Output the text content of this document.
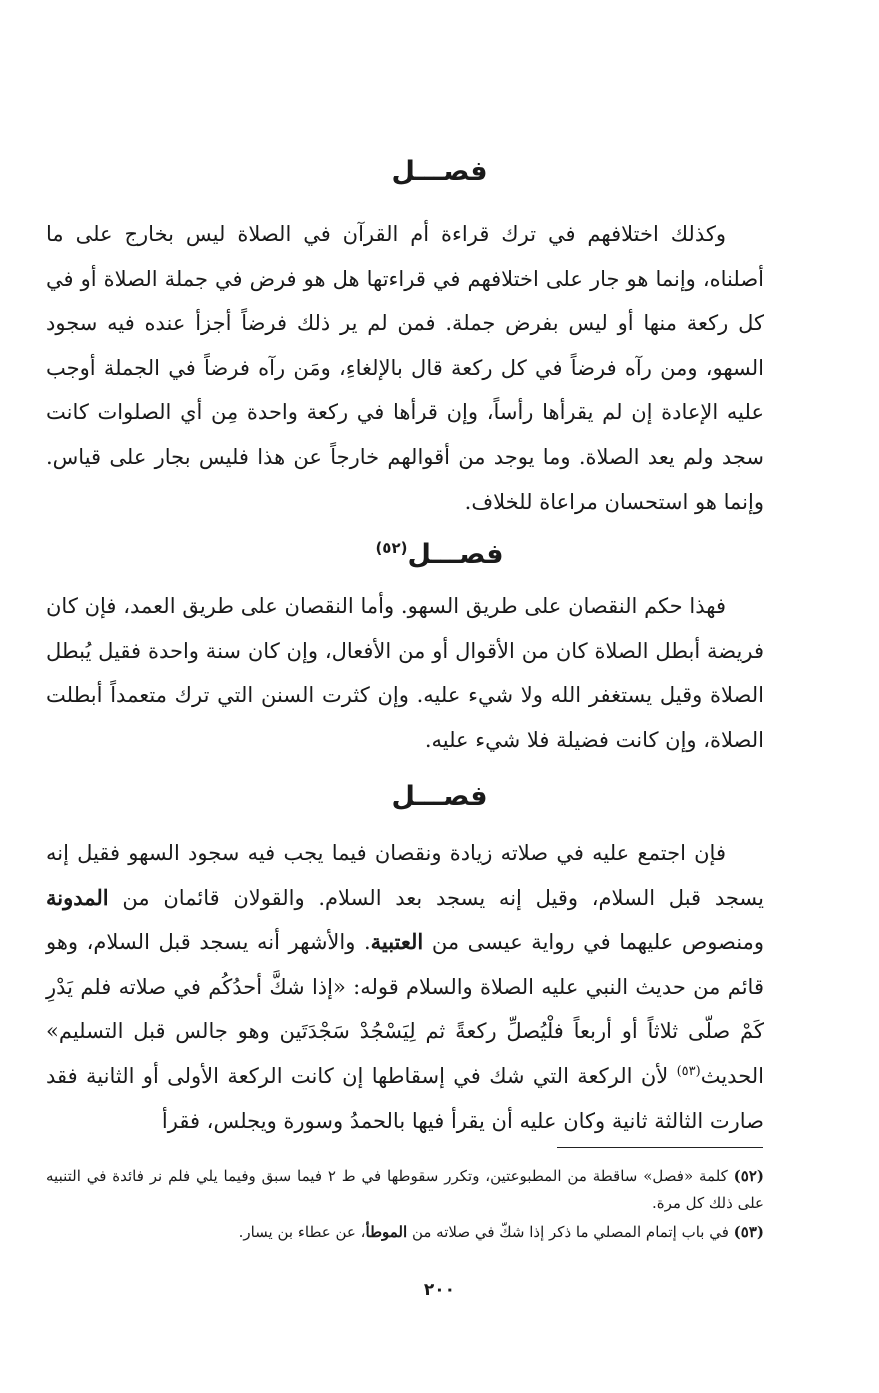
فصـــل

وكذلك اختلافهم في ترك قراءة أم القرآن في الصلاة ليس بخارج على ما أصلناه، وإنما هو جار على اختلافهم في قراءتها هل هو فرض في جملة الصلاة أو في كل ركعة منها أو ليس بفرض جملة. فمن لم ير ذلك فرضاً أجزأ عنده فيه سجود السهو، ومن رآه فرضاً في كل ركعة قال بالإلغاءِ، ومَن رآه فرضاً في الجملة أوجب عليه الإعادة إن لم يقرأها رأساً، وإن قرأها في ركعة واحدة مِن أي الصلوات كانت سجد ولم يعد الصلاة. وما يوجد من أقوالهم خارجاً عن هذا فليس بجار على قياس. وإنما هو استحسان مراعاة للخلاف.

فصـــل$^{(٥٢)}$

فهذا حكم النقصان على طريق السهو. وأما النقصان على طريق العمد، فإن كان فريضة أبطل الصلاة كان من الأقوال أو من الأفعال، وإن كان سنة واحدة فقيل يُبطل الصلاة وقيل يستغفر الله ولا شيء عليه. وإن كثرت السنن التي ترك متعمداً أبطلت الصلاة، وإن كانت فضيلة فلا شيء عليه.

فصـــل

فإن اجتمع عليه في صلاته زيادة ونقصان فيما يجب فيه سجود السهو فقيل إنه يسجد قبل السلام، وقيل إنه يسجد بعد السلام. والقولان قائمان من المدونة ومنصوص عليهما في رواية عيسى من العتبية. والأشهر أنه يسجد قبل السلام، وهو قائم من حديث النبي عليه الصلاة والسلام قوله: «إذا شكَّ أحدُكُم في صلاته فلم يَدْرِ كَمْ صلّى ثلاثاً أو أربعاً فلْيُصلِّ ركعةً ثم لِيَسْجُدْ سَجْدَتَين وهو جالس قبل التسليم» الحديث$^{(٥٣)}$ لأن الركعة التي شك في إسقاطها إن كانت الركعة الأولى أو الثانية فقد صارت الثالثة ثانية وكان عليه أن يقرأ فيها بالحمدُ وسورة ويجلس، فقرأ

(٥٢) كلمة «فصل» ساقطة من المطبوعتين، وتكرر سقوطها في ط ٢ فيما سبق وفيما يلي فلم نر فائدة في التنبيه على ذلك كل مرة.

(٥٣) في باب إتمام المصلي ما ذكر إذا شكّ في صلاته من الموطأ، عن عطاء بن يسار.

٢٠٠
